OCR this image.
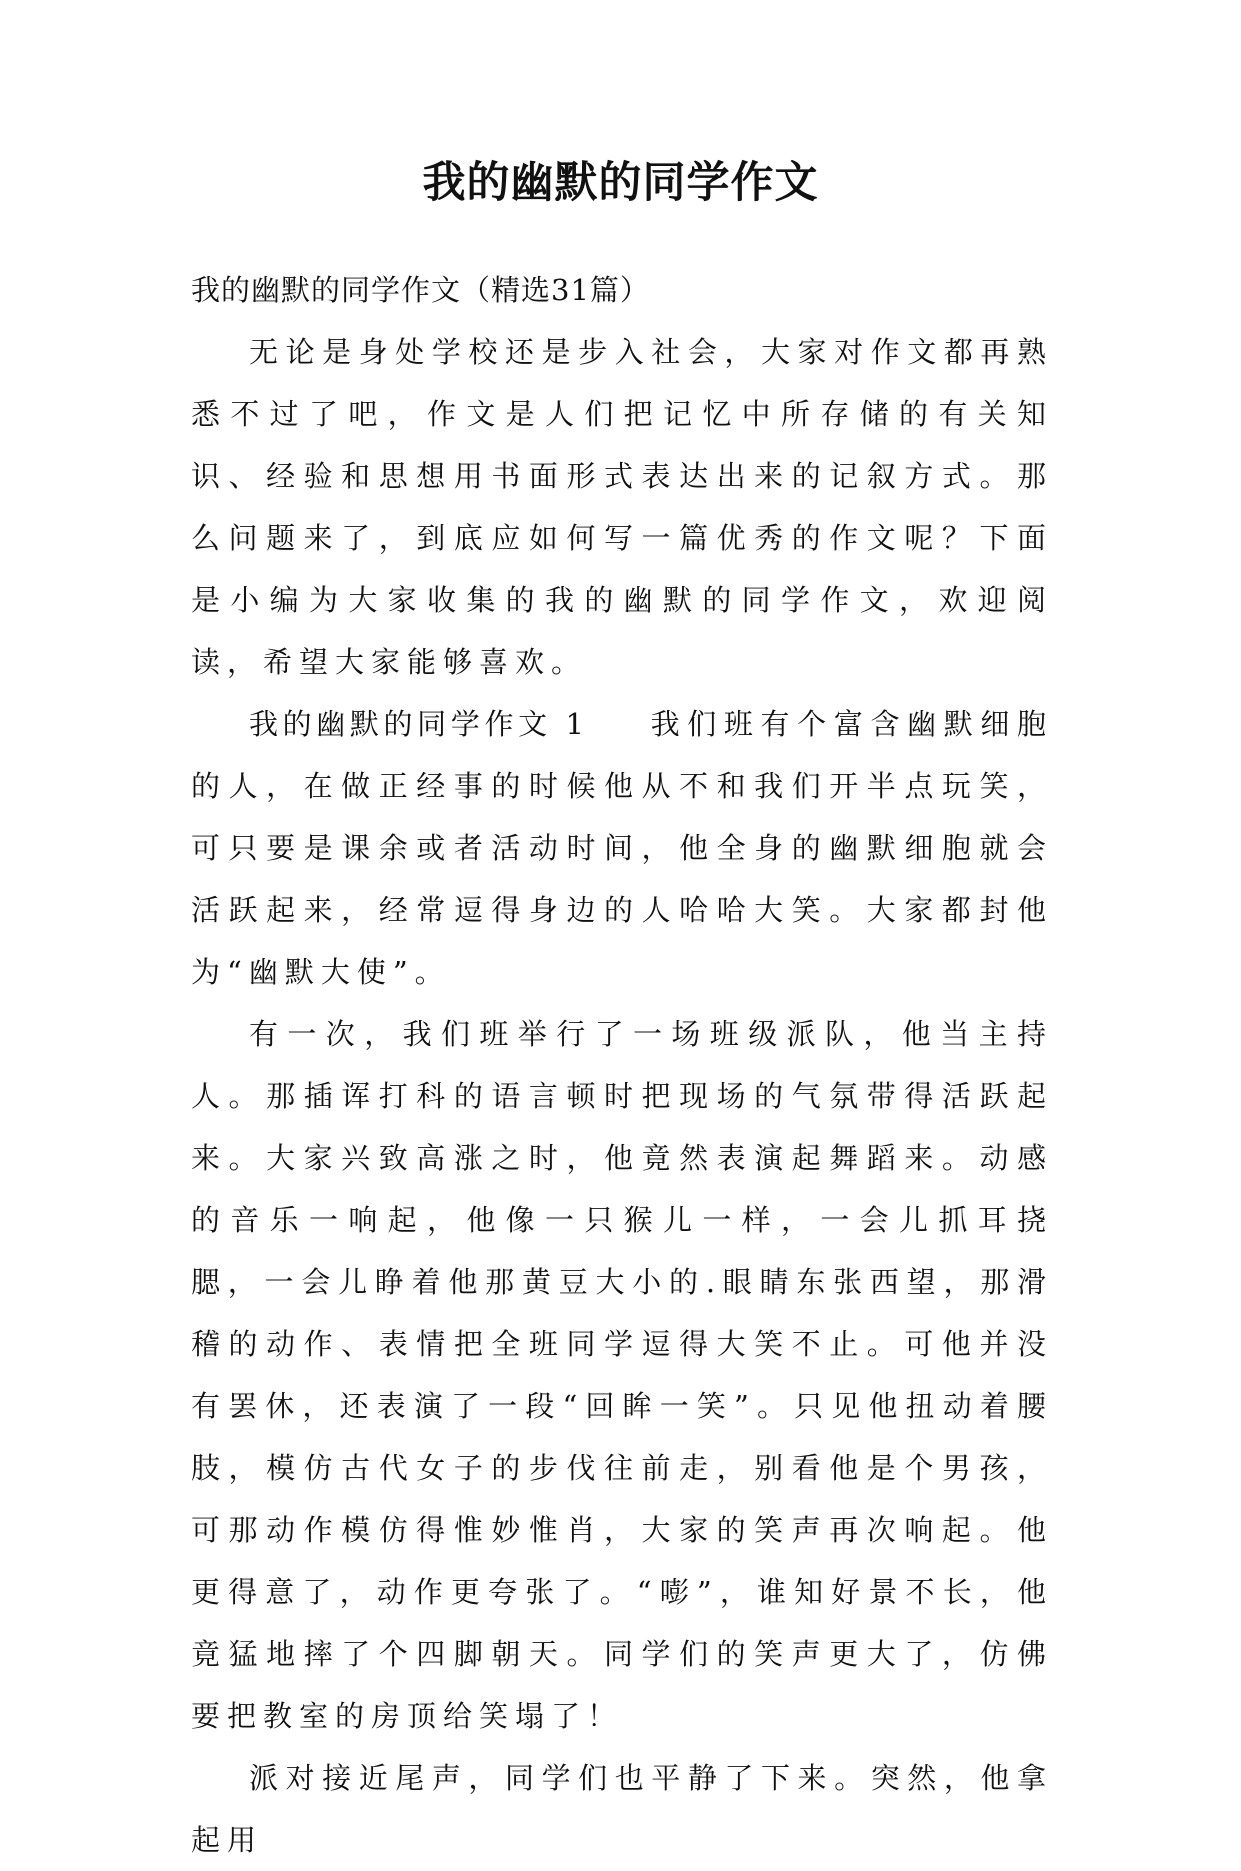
我的幽默的同学作文

我的幽默的同学作文（精选31篇）

无论是身处学校还是步入社会，大家对作文都再熟悉不过了吧，作文是人们把记忆中所存储的有关知识、经验和思想用书面形式表达出来的记叙方式。那么问题来了，到底应如何写一篇优秀的作文呢？下面是小编为大家收集的我的幽默的同学作文，欢迎阅读，希望大家能够喜欢。

我的幽默的同学作文 1 我们班有个富含幽默细胞的人，在做正经事的时候他从不和我们开半点玩笑，可只要是课余或者活动时间，他全身的幽默细胞就会活跃起来，经常逗得身边的人哈哈大笑。大家都封他为“幽默大使”。

有一次，我们班举行了一场班级派队，他当主持人。那插诨打科的语言顿时把现场的气氛带得活跃起来。大家兴致高涨之时，他竟然表演起舞蹈来。动感的音乐一响起，他像一只猴儿一样，一会儿抓耳挠腮，一会儿睁着他那黄豆大小的.眼睛东张西望，那滑稽的动作、表情把全班同学逗得大笑不止。可他并没有罢休，还表演了一段“回眸一笑”。只见他扭动着腰肢，模仿古代女子的步伐往前走，别看他是个男孩，可那动作模仿得惟妙惟肖，大家的笑声再次响起。他更得意了，动作更夸张了。“嘭”，谁知好景不长，他竟猛地摔了个四脚朝天。同学们的笑声更大了，仿佛要把教室的房顶给笑塌了！

派对接近尾声，同学们也平静了下来。突然，他拿起用
